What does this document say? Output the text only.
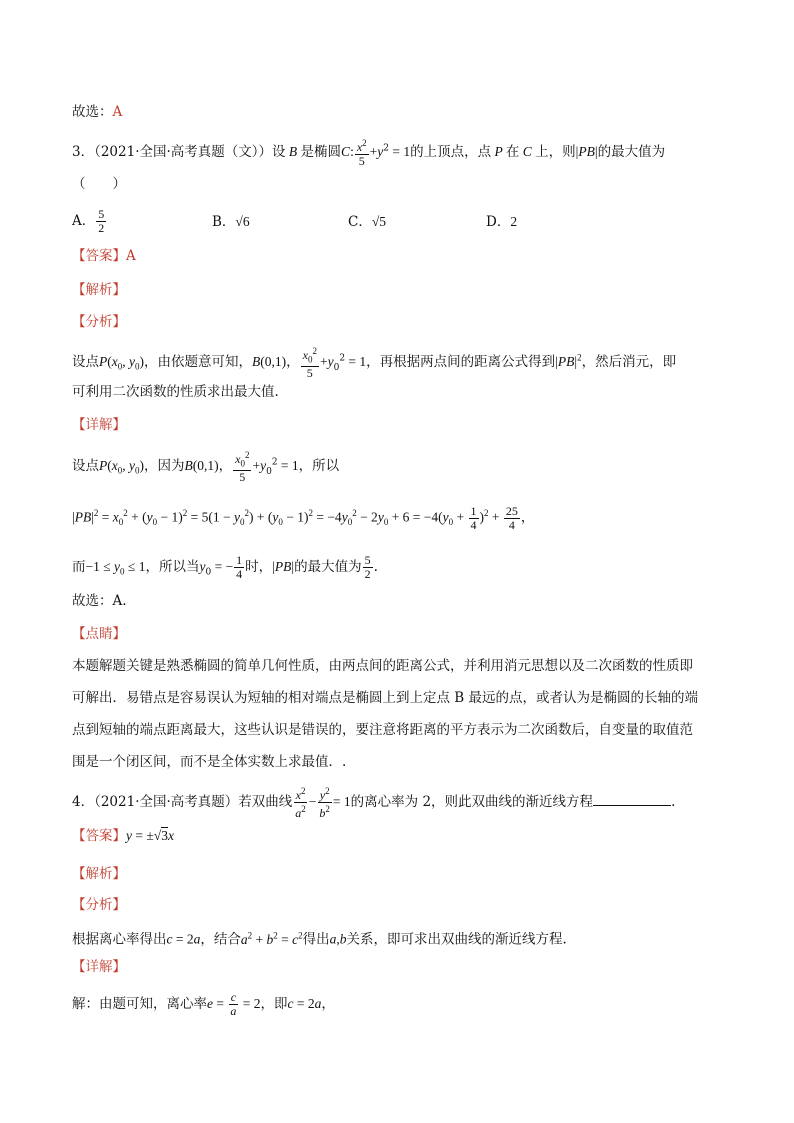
故选：A
3．（2021·全国·高考真题（文））设 B 是椭圆C: $\frac{x^2}{5} +y^2 = 1$的上顶点，点 P 在 C 上，则|PB|的最大值为
（　　）
A． $\frac{5}{2}$	B．√6	C．√5	D．2
【答案】A
【解析】
【分析】
设点$P(x_0$, $y_0$)，由依题意可知，B(0,1)， $\frac{x_0^2}{5} +y_0^2 = 1$，再根据两点间的距离公式得到$|PB|^2$，然后消元，即
可利用二次函数的性质求出最大值.
【详解】
设点$P(x_0$, $y_0$)，因为B(0,1)， $\frac{x_0^2}{5} +y_0^2 = 1$，所以
$|PB|^2 = x_0^2 + (y_0 - 1)^2 = 5(1 - y_0^2) + (y_0 - 1)^2 = -4y_0^2 - 2y_0 + 6 = -4(y_0 + \frac{1}{4} )^2 + \frac{25}{4}$ ，
而$-1 \le y_0 \le 1$，所以当$y_0$ = − $\frac{1}{4}$ 时，|PB|的最大值为 $\frac{5}{2}$ .
故选：A.
【点睛】
本题解题关键是熟悉椭圆的简单几何性质，由两点间的距离公式，并利用消元思想以及二次函数的性质即
可解出．易错点是容易误认为短轴的相对端点是椭圆上到上定点 B 最远的点，或者认为是椭圆的长轴的端
点到短轴的端点距离最大，这些认识是错误的，要注意将距离的平方表示为二次函数后，自变量的取值范
围是一个闭区间，而不是全体实数上求最值．.
4．（2021·全国·高考真题）若双曲线 $\frac{x^2}{a^2} - \frac{y^2}{b^2} = 1$的离心率为 2，则此双曲线的渐近线方程	.
【答案】y = ±√3x
【解析】
【分析】
根据离心率得出c = 2a，结合$a^2 + b^2 = c^2$得出a,b关系，即可求出双曲线的渐近线方程.
【详解】
解：由题可知，离心率$e = \frac{c}{a} = 2$，即c = 2a，
